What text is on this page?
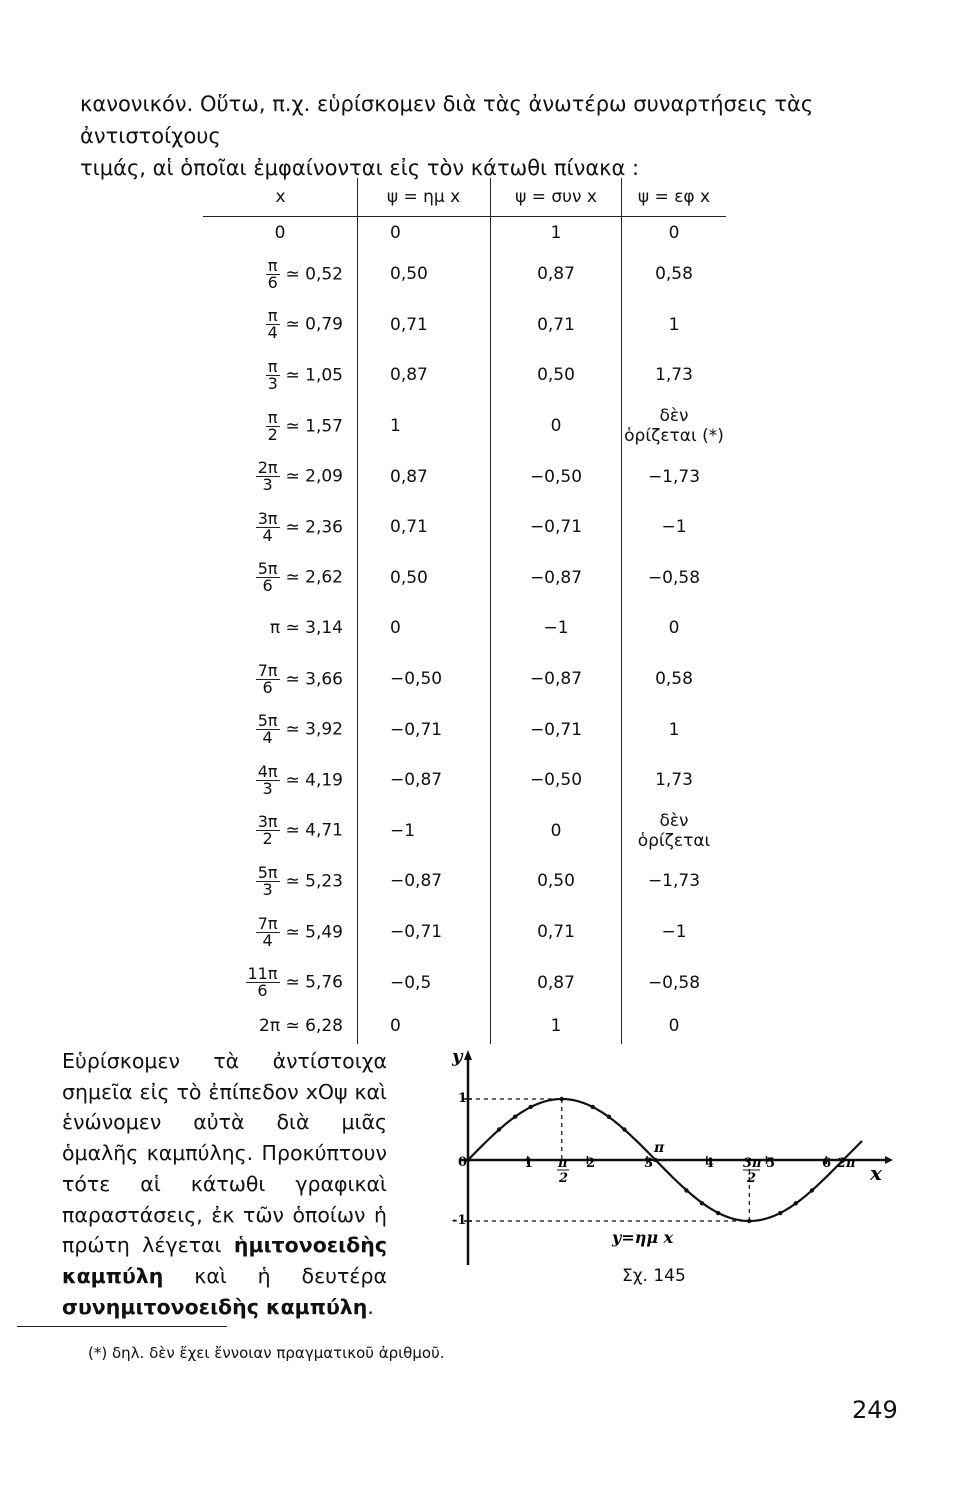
κανονικόν. Οὕτω, π.χ. εὑρίσκομεν διὰ τὰς ἀνωτέρω συναρτήσεις τὰς ἀντιστοίχους

τιμάς, αἱ ὁποῖαι ἐμφαίνονται εἰς τὸν κάτωθι πίνακα :

x	ψ = ημ x	ψ = συν x	ψ = εφ x
0	0	1	0

$\frac{\pi}{6}$ ≃ 0,52	0,50	0,87	0,58

$\frac{\pi}{4}$ ≃ 0,79	0,71	0,71	1

$\frac{\pi}{3}$ ≃ 1,05	0,87	0,50	1,73

$\frac{\pi}{2}$ ≃ 1,57	1	0	δὲν ὁρίζεται (*)

$\frac{2\pi}{3}$ ≃ 2,09	0,87	−0,50	−1,73

$\frac{3\pi}{4}$ ≃ 2,36	0,71	−0,71	−1

$\frac{5\pi}{6}$ ≃ 2,62	0,50	−0,87	−0,58
π ≃ 3,14	0	−1	0

$\frac{7\pi}{6}$ ≃ 3,66	−0,50	−0,87	0,58

$\frac{5\pi}{4}$ ≃ 3,92	−0,71	−0,71	1

$\frac{4\pi}{3}$ ≃ 4,19	−0,87	−0,50	1,73

$\frac{3\pi}{2}$ ≃ 4,71	−1	0	δὲν ὁρίζεται

$\frac{5\pi}{3}$ ≃ 5,23	−0,87	0,50	−1,73

$\frac{7\pi}{4}$ ≃ 5,49	−0,71	0,71	−1

$\frac{11\pi}{6}$ ≃ 5,76	−0,5	0,87	−0,58
2π ≃ 6,28	0	1	0

Εὑρίσκομεν τὰ ἀντίστοιχα σημεῖα εἰς τὸ ἐπίπεδον xOψ καὶ ἑνώνομεν αὐτὰ διὰ μιᾶς ὁμαλῆς καμπύλης. Προκύπτουν τότε αἱ κάτωθι γραφικαὶ παραστάσεις, ἐκ τῶν ὁποίων ἡ πρώτη λέγεται ἡμιτονοειδὴς καμπύλη καὶ ἡ δευτέρα συνημιτονοειδὴς καμπύλη.

y
x
1
-1
0	1	2	3	4	5	6
π
2
π
3π
2
2π
y=ημ x
Σχ. 145
(*) δηλ. δὲν ἔχει ἔννοιαν πραγματικοῦ ἀριθμοῦ.
249
